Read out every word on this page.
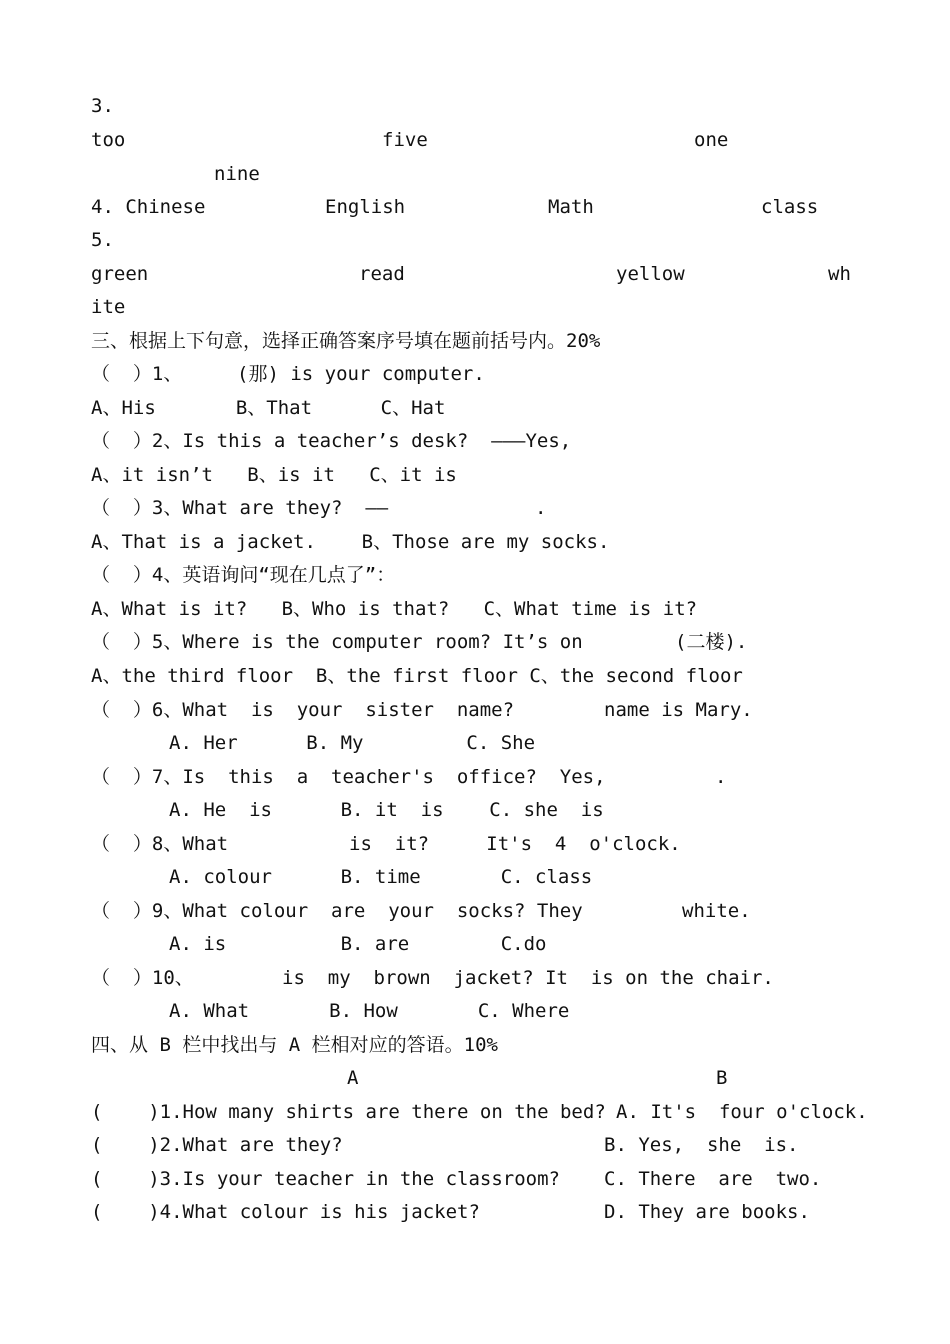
3.
too	five	one
nine
4. Chinese	English	Math	class
5.
green	read	yellow	wh
ite
三、根据上下句意，选择正确答案序号填在题前括号内。20%
（  ）1、	(那) is your computer.
A、His       B、That      C、Hat
（  ）2、Is this a teacher’s desk?  ———Yes,
A、it isn’t   B、is it   C、it is
（  ）3、What are they?  ——	.
A、That is a jacket.    B、Those are my socks.
（  ）4、英语询问“现在几点了”：
A、What is it?   B、Who is that?   C、What time is it?
（  ）5、Where is the computer room? It’s on	(二楼).
A、the third floor  B、the first floor C、the second floor
（  ）6、What  is  your  sister  name?	name is Mary.
A. Her      B. My         C. She
（  ）7、Is  this  a  teacher's  office?  Yes,	.
A. He  is      B. it  is    C. she  is
（  ）8、What	is  it?     It's  4  o'clock.
A. colour      B. time       C. class
（  ）9、What colour  are  your  socks? They	white.
A. is          B. are        C.do
（  ）10、	is  my  brown  jacket? It  is on the chair.
A. What       B. How       C. Where
四、从 B 栏中找出与 A 栏相对应的答语。10%
A	B
(    )1.How many shirts are there on the bed? A. It's  four o'clock.
(    )2.What are they?	B. Yes,  she  is.
(    )3.Is your teacher in the classroom? C. There  are  two.
(    )4.What colour is his jacket?	D. They are books.
